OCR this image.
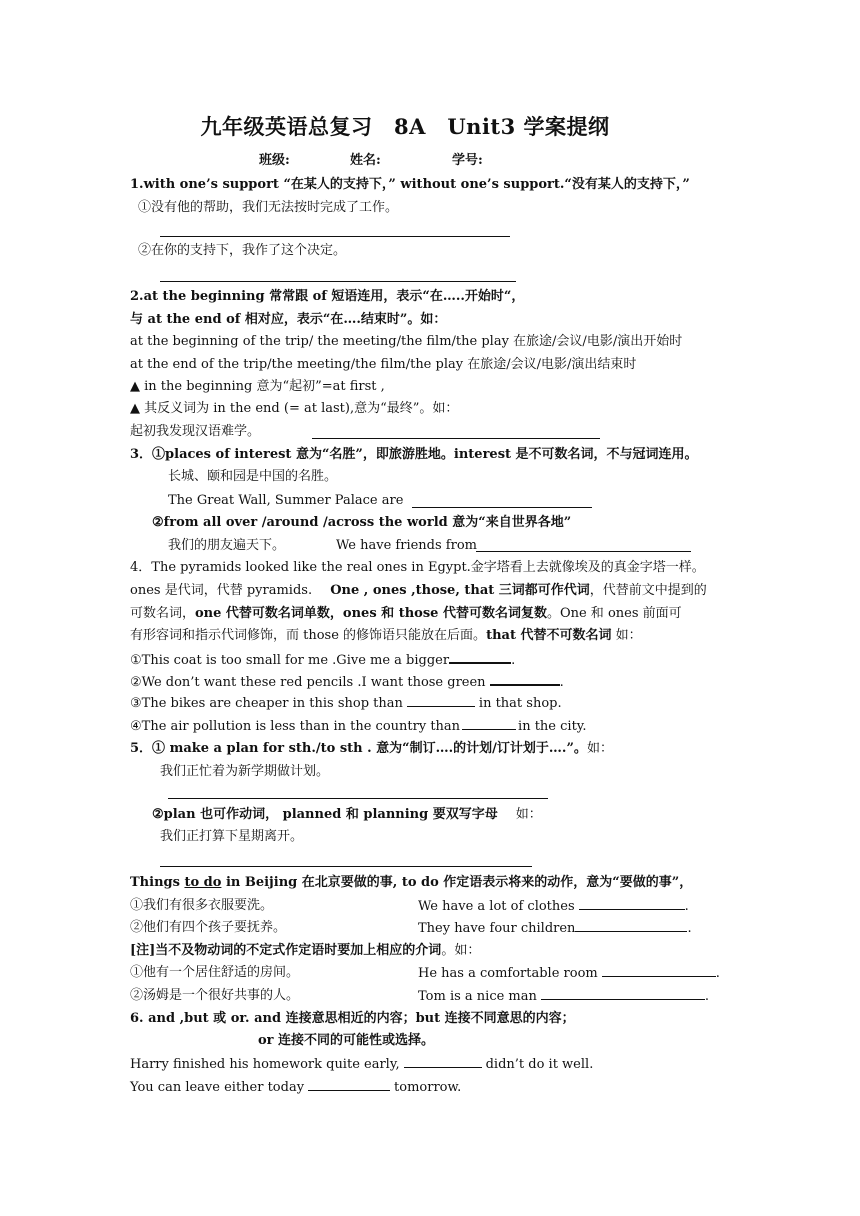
九年级英语总复习　8A　Unit3 学案提纲
班级:	姓名:	学号:
1.with one’s support “在某人的支持下，” without one’s support.“没有某人的支持下，”
①没有他的帮助，我们无法按时完成了工作。
②在你的支持下，我作了这个决定。
2.at the beginning 常常跟 of 短语连用，表示“在…..开始时“，
与 at the end of 相对应，表示“在….结束时”。如：
at the beginning of the trip/ the meeting/the film/the play 在旅途/会议/电影/演出开始时
at the end of the trip/the meeting/the film/the play 在旅途/会议/电影/演出结束时
▲ in the beginning 意为“起初”=at first ,
▲ 其反义词为 in the end (= at last),意为“最终”。如：
起初我发现汉语难学。
3．①places of interest 意为“名胜”，即旅游胜地。interest 是不可数名词，不与冠词连用。
长城、颐和园是中国的名胜。
The Great Wall, Summer Palace are
②from all over /around /across the world 意为“来自世界各地”
我们的朋友遍天下。	We have friends from
4．The pyramids looked like the real ones in Egypt.金字塔看上去就像埃及的真金字塔一样。
ones 是代词，代替 pyramids. One , ones ,those, that 三词都可作代词，代替前文中提到的
可数名词，one 代替可数名词单数，ones 和 those 代替可数名词复数。One 和 ones 前面可
有形容词和指示代词修饰，而 those 的修饰语只能放在后面。that 代替不可数名词 如：
①This coat is too small for me .Give me a bigger	.
②We don’t want these red pencils .I want those green	.
③The bikes are cheaper in this shop than	in that shop.
④The air pollution is less than in the country than	in the city.
5．① make a plan for sth./to sth . 意为“制订….的计划/订计划于….”。如：
我们正忙着为新学期做计划。
②plan 也可作动词， planned 和 planning 要双写字母 如：
我们正打算下星期离开。
Things to do in Beijing 在北京要做的事, to do 作定语表示将来的动作，意为“要做的事”，
①我们有很多衣服要洗。	We have a lot of clothes	.
②他们有四个孩子要抚养。	They have four children	.
[注]当不及物动词的不定式作定语时要加上相应的介词。如：
①他有一个居住舒适的房间。	He has a comfortable room	.
②汤姆是一个很好共事的人。	Tom is a nice man	.
6. and ,but 或 or. and 连接意思相近的内容；but 连接不同意思的内容；
or 连接不同的可能性或选择。
Harry finished his homework quite early,	didn’t do it well.
You can leave either today	tomorrow.
